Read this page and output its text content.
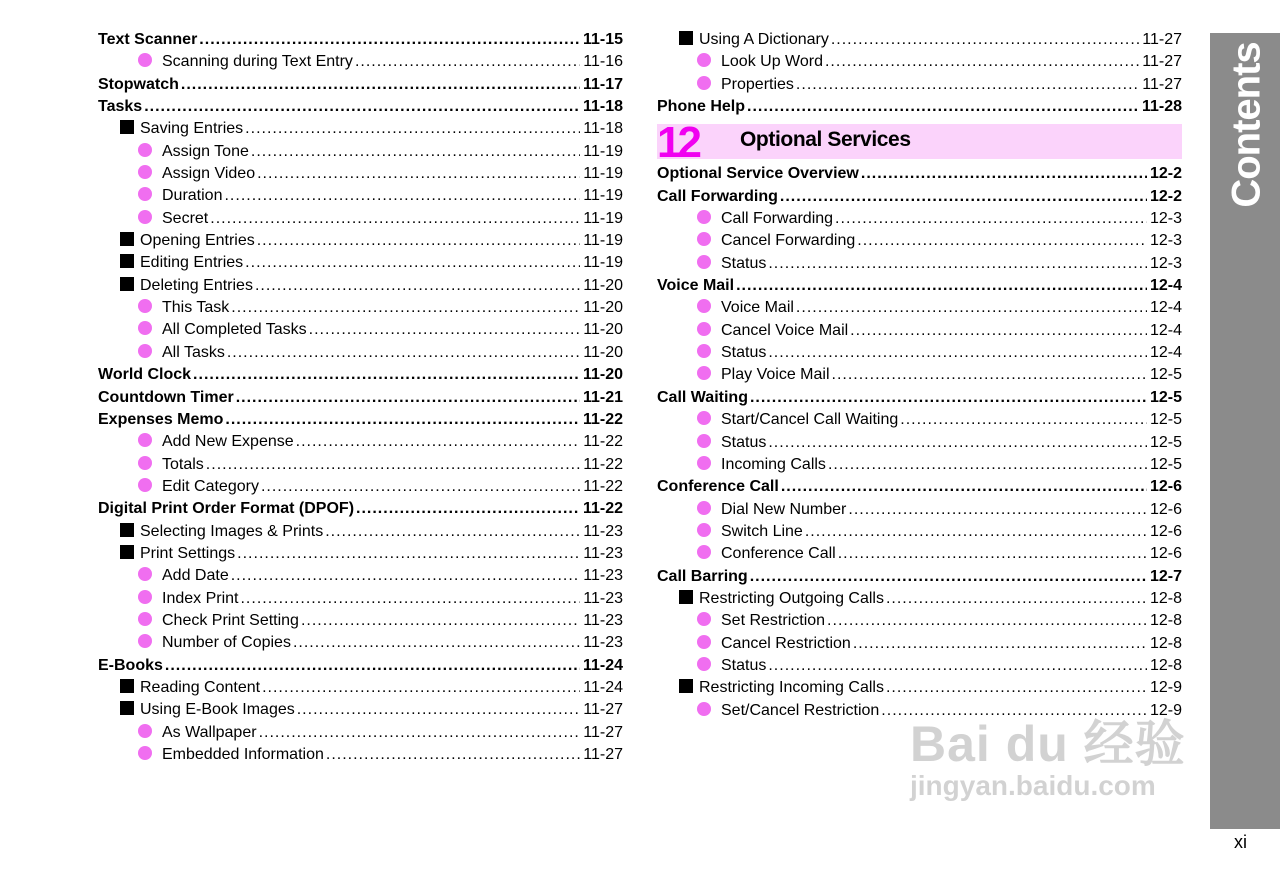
Text Scanner .....	11-15
Scanning during Text Entry .....	11-16
Stopwatch .....	11-17
Tasks .....	11-18
Saving Entries .....	11-18
Assign Tone .....	11-19
Assign Video .....	11-19
Duration .....	11-19
Secret .....	11-19
Opening Entries .....	11-19
Editing Entries .....	11-19
Deleting Entries .....	11-20
This Task .....	11-20
All Completed Tasks .....	11-20
All Tasks .....	11-20
World Clock .....	11-20
Countdown Timer .....	11-21
Expenses Memo .....	11-22
Add New Expense .....	11-22
Totals .....	11-22
Edit Category .....	11-22
Digital Print Order Format (DPOF) .....	11-22
Selecting Images & Prints .....	11-23
Print Settings .....	11-23
Add Date .....	11-23
Index Print .....	11-23
Check Print Setting .....	11-23
Number of Copies .....	11-23
E-Books .....	11-24
Reading Content .....	11-24
Using E-Book Images .....	11-27
As Wallpaper .....	11-27
Embedded Information .....	11-27
Using A Dictionary .....	11-27
Look Up Word .....	11-27
Properties .....	11-27
Phone Help .....	11-28
12 Optional Services
Optional Service Overview .....	12-2
Call Forwarding .....	12-2
Call Forwarding .....	12-3
Cancel Forwarding .....	12-3
Status .....	12-3
Voice Mail .....	12-4
Voice Mail .....	12-4
Cancel Voice Mail .....	12-4
Status .....	12-4
Play Voice Mail .....	12-5
Call Waiting .....	12-5
Start/Cancel Call Waiting .....	12-5
Status .....	12-5
Incoming Calls .....	12-5
Conference Call .....	12-6
Dial New Number .....	12-6
Switch Line .....	12-6
Conference Call .....	12-6
Call Barring .....	12-7
Restricting Outgoing Calls .....	12-8
Set Restriction .....	12-8
Cancel Restriction .....	12-8
Status .....	12-8
Restricting Incoming Calls .....	12-9
Set/Cancel Restriction .....	12-9
Contents
xi
Bai du 经验
jingyan.baidu.com
